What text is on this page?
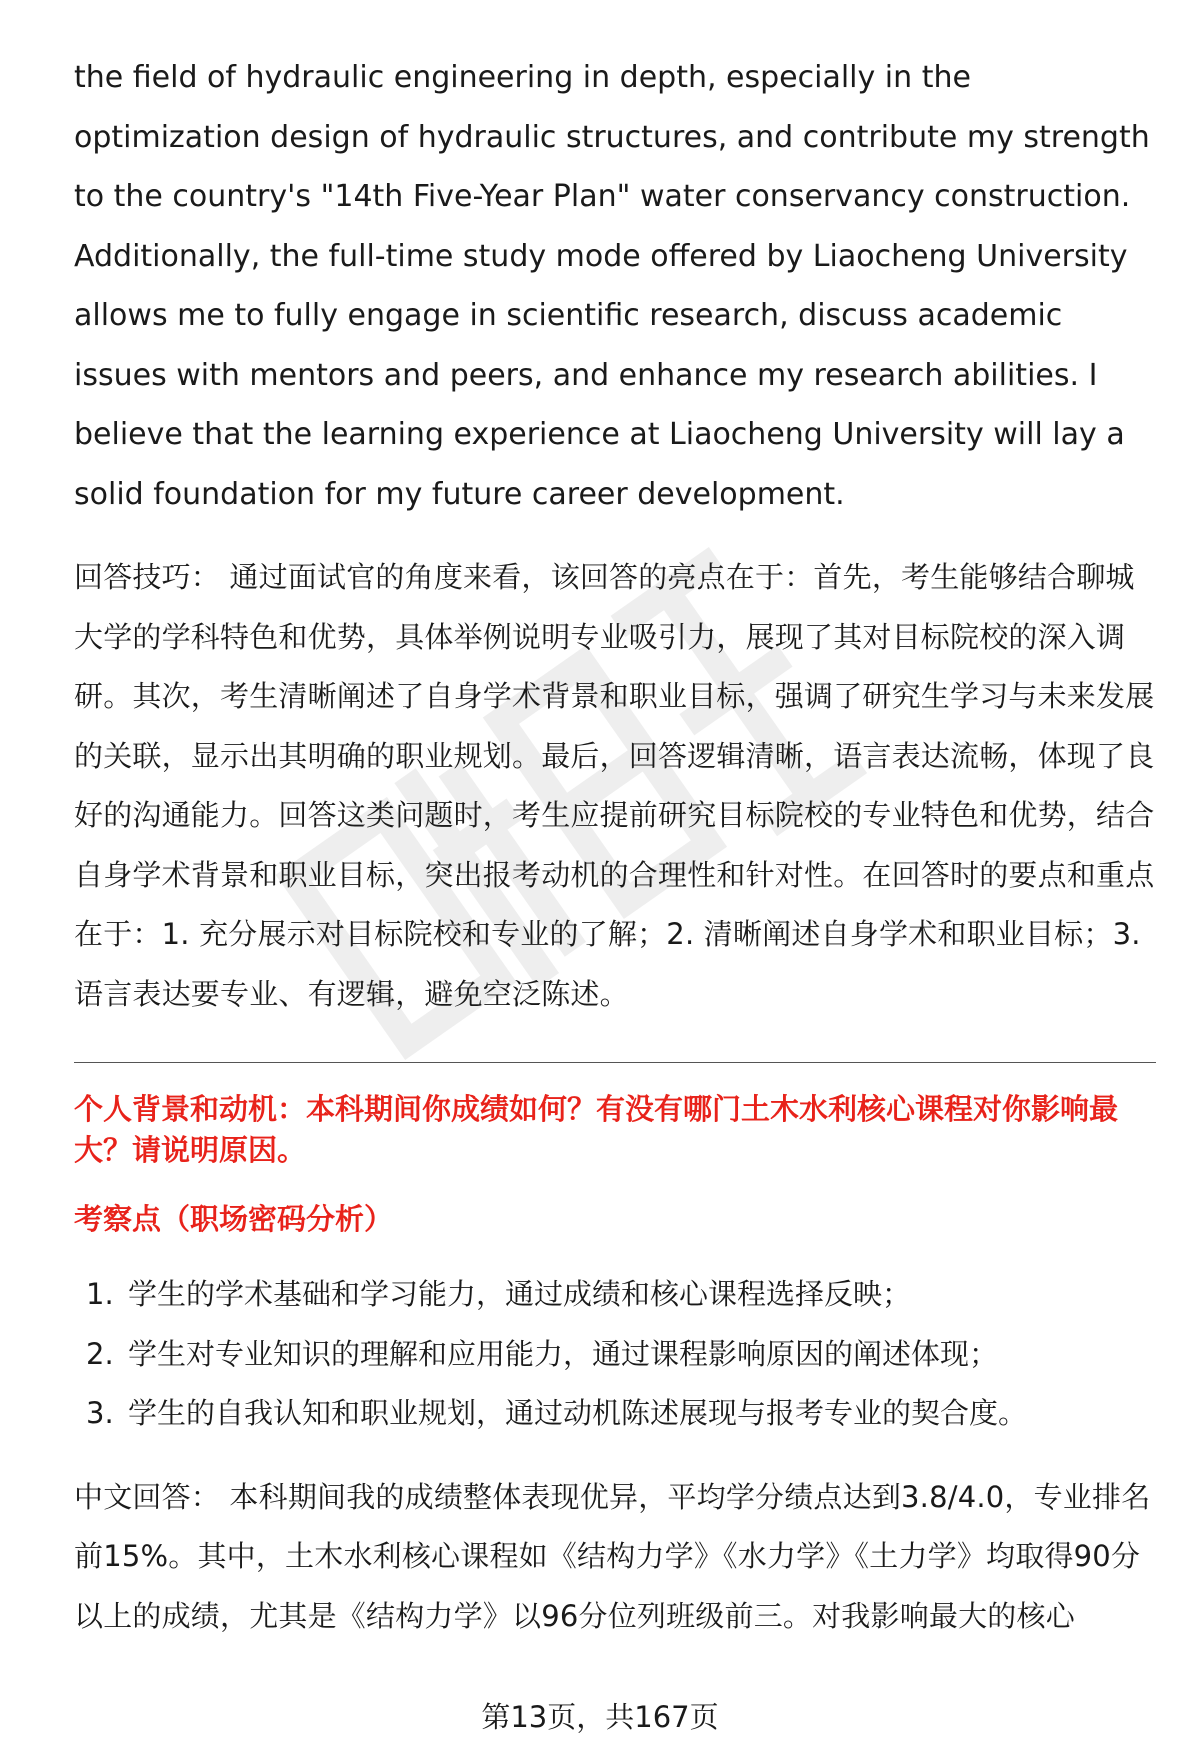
the field of hydraulic engineering in depth, especially in the optimization design of hydraulic structures, and contribute my strength to the country's "14th Five-Year Plan" water conservancy construction. Additionally, the full-time study mode offered by Liaocheng University allows me to fully engage in scientific research, discuss academic issues with mentors and peers, and enhance my research abilities. I believe that the learning experience at Liaocheng University will lay a solid foundation for my future career development.

回答技巧： 通过面试官的角度来看，该回答的亮点在于：首先，考生能够结合聊城大学的学科特色和优势，具体举例说明专业吸引力，展现了其对目标院校的深入调研。其次，考生清晰阐述了自身学术背景和职业目标，强调了研究生学习与未来发展的关联，显示出其明确的职业规划。最后，回答逻辑清晰，语言表达流畅，体现了良好的沟通能力。回答这类问题时，考生应提前研究目标院校的专业特色和优势，结合自身学术背景和职业目标，突出报考动机的合理性和针对性。在回答时的要点和重点在于：1. 充分展示对目标院校和专业的了解；2. 清晰阐述自身学术和职业目标；3. 语言表达要专业、有逻辑，避免空泛陈述。

个人背景和动机：本科期间你成绩如何？有没有哪门土木水利核心课程对你影响最大？请说明原因。
考察点（职场密码分析）
1. 学生的学术基础和学习能力，通过成绩和核心课程选择反映；
2. 学生对专业知识的理解和应用能力，通过课程影响原因的阐述体现；
3. 学生的自我认知和职业规划，通过动机陈述展现与报考专业的契合度。

中文回答： 本科期间我的成绩整体表现优异，平均学分绩点达到3.8/4.0，专业排名前15%。其中，土木水利核心课程如《结构力学》《水力学》《土力学》均取得90分以上的成绩，尤其是《结构力学》以96分位列班级前三。对我影响最大的核心

第13页，共167页
